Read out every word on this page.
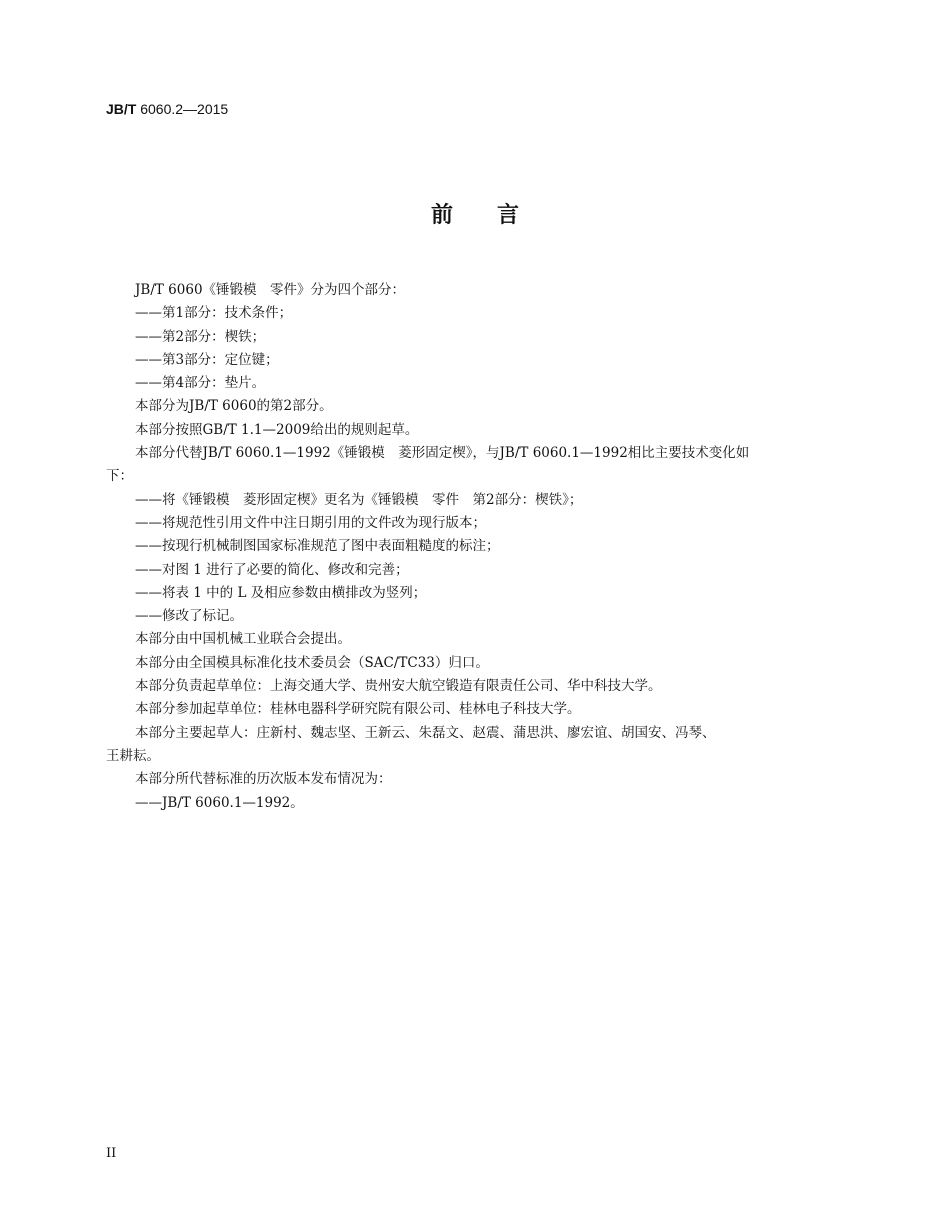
JB/T 6060.2—2015
前言
JB/T 6060《锤锻模　零件》分为四个部分：
——第1部分：技术条件；
——第2部分：楔铁；
——第3部分：定位键；
——第4部分：垫片。
本部分为JB/T 6060的第2部分。
本部分按照GB/T 1.1—2009给出的规则起草。
本部分代替JB/T 6060.1—1992《锤锻模　菱形固定楔》，与JB/T 6060.1—1992相比主要技术变化如
下：
——将《锤锻模　菱形固定楔》更名为《锤锻模　零件　第2部分：楔铁》；
——将规范性引用文件中注日期引用的文件改为现行版本；
——按现行机械制图国家标准规范了图中表面粗糙度的标注；
——对图 1 进行了必要的简化、修改和完善；
——将表 1 中的 L 及相应参数由横排改为竖列；
——修改了标记。
本部分由中国机械工业联合会提出。
本部分由全国模具标准化技术委员会（SAC/TC33）归口。
本部分负责起草单位：上海交通大学、贵州安大航空锻造有限责任公司、华中科技大学。
本部分参加起草单位：桂林电器科学研究院有限公司、桂林电子科技大学。
本部分主要起草人：庄新村、魏志坚、王新云、朱磊文、赵震、蒲思洪、廖宏谊、胡国安、冯琴、
王耕耘。
本部分所代替标准的历次版本发布情况为：
——JB/T 6060.1—1992。
II
